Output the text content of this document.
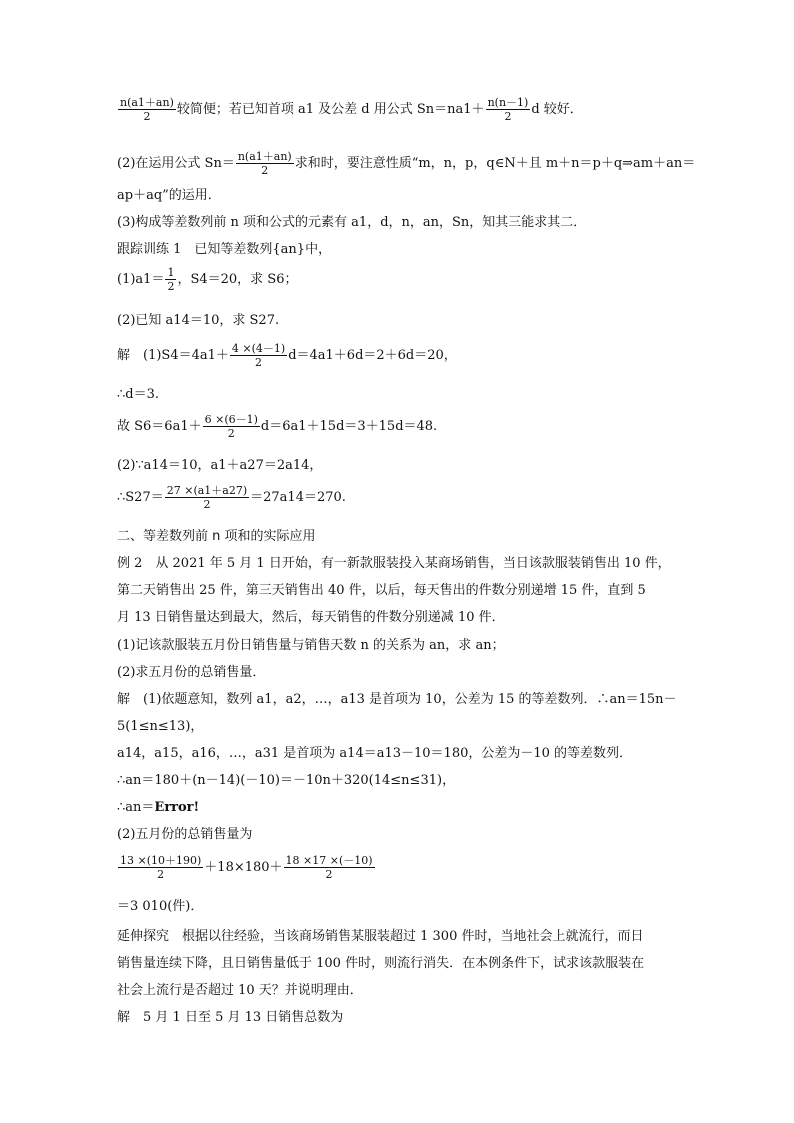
$\frac{n(a1+an)}{2}$ 较简便；若已知首项 a1 及公差 d 用公式 $Sn=na1+ \frac{n(n-1)}{2}$ d 较好．
(2)在运用公式 $Sn= \frac{n(a1+an)}{2}$ 求和时，要注意性质“m，n，p，q∈N＋且 m＋n＝p＋q⇒am＋an＝
ap＋aq”的运用．
(3)构成等差数列前 n 项和公式的元素有 a1，d，n，an，Sn，知其三能求其二．
跟踪训练 1　已知等差数列{an}中，
$(1)a1= \frac{1}{2}$ ，S4＝20，求 S6；
(2)已知 a14＝10，求 S27.
解　$(1)S4=4a1+ \frac{4 \times(4-1)}{2} d=4a1+6d=2+6d=20$，
∴d＝3.
故 $S6=6a1+ \frac{6 \times(6-1)}{2} d=6a1+15d=3+15d=48$.
(2)∵a14＝10，a1＋a27＝2a14，
∴S27＝ $\frac{27 \times(a1+a27)}{2} =27a14=270$.
二、等差数列前 n 项和的实际应用
例 2　从 2021 年 5 月 1 日开始，有一新款服装投入某商场销售，当日该款服装销售出 10 件，
第二天销售出 25 件，第三天销售出 40 件，以后，每天售出的件数分别递增 15 件，直到 5
月 13 日销售量达到最大，然后，每天销售的件数分别递减 10 件．
(1)记该款服装五月份日销售量与销售天数 n 的关系为 an，求 an；
(2)求五月份的总销售量．
解　(1)依题意知，数列 a1，a2，…，a13 是首项为 10，公差为 15 的等差数列．∴an＝15n－
5(1≤n≤13)，
a14，a15，a16，…，a31 是首项为 a14＝a13－10＝180，公差为－10 的等差数列．
∴an＝180＋(n－14)(－10)＝－10n＋320(14≤n≤31)，
∴an＝Error!
(2)五月份的总销售量为
$\frac{13 \times(10+190)}{2} +18\times 180+ \frac{18 \times 17 \times(-10)}{2}$
＝3 010(件)．
延伸探究　根据以往经验，当该商场销售某服装超过 1 300 件时，当地社会上就流行，而日
销售量连续下降，且日销售量低于 100 件时，则流行消失．在本例条件下，试求该款服装在
社会上流行是否超过 10 天？并说明理由．
解　5 月 1 日至 5 月 13 日销售总数为
